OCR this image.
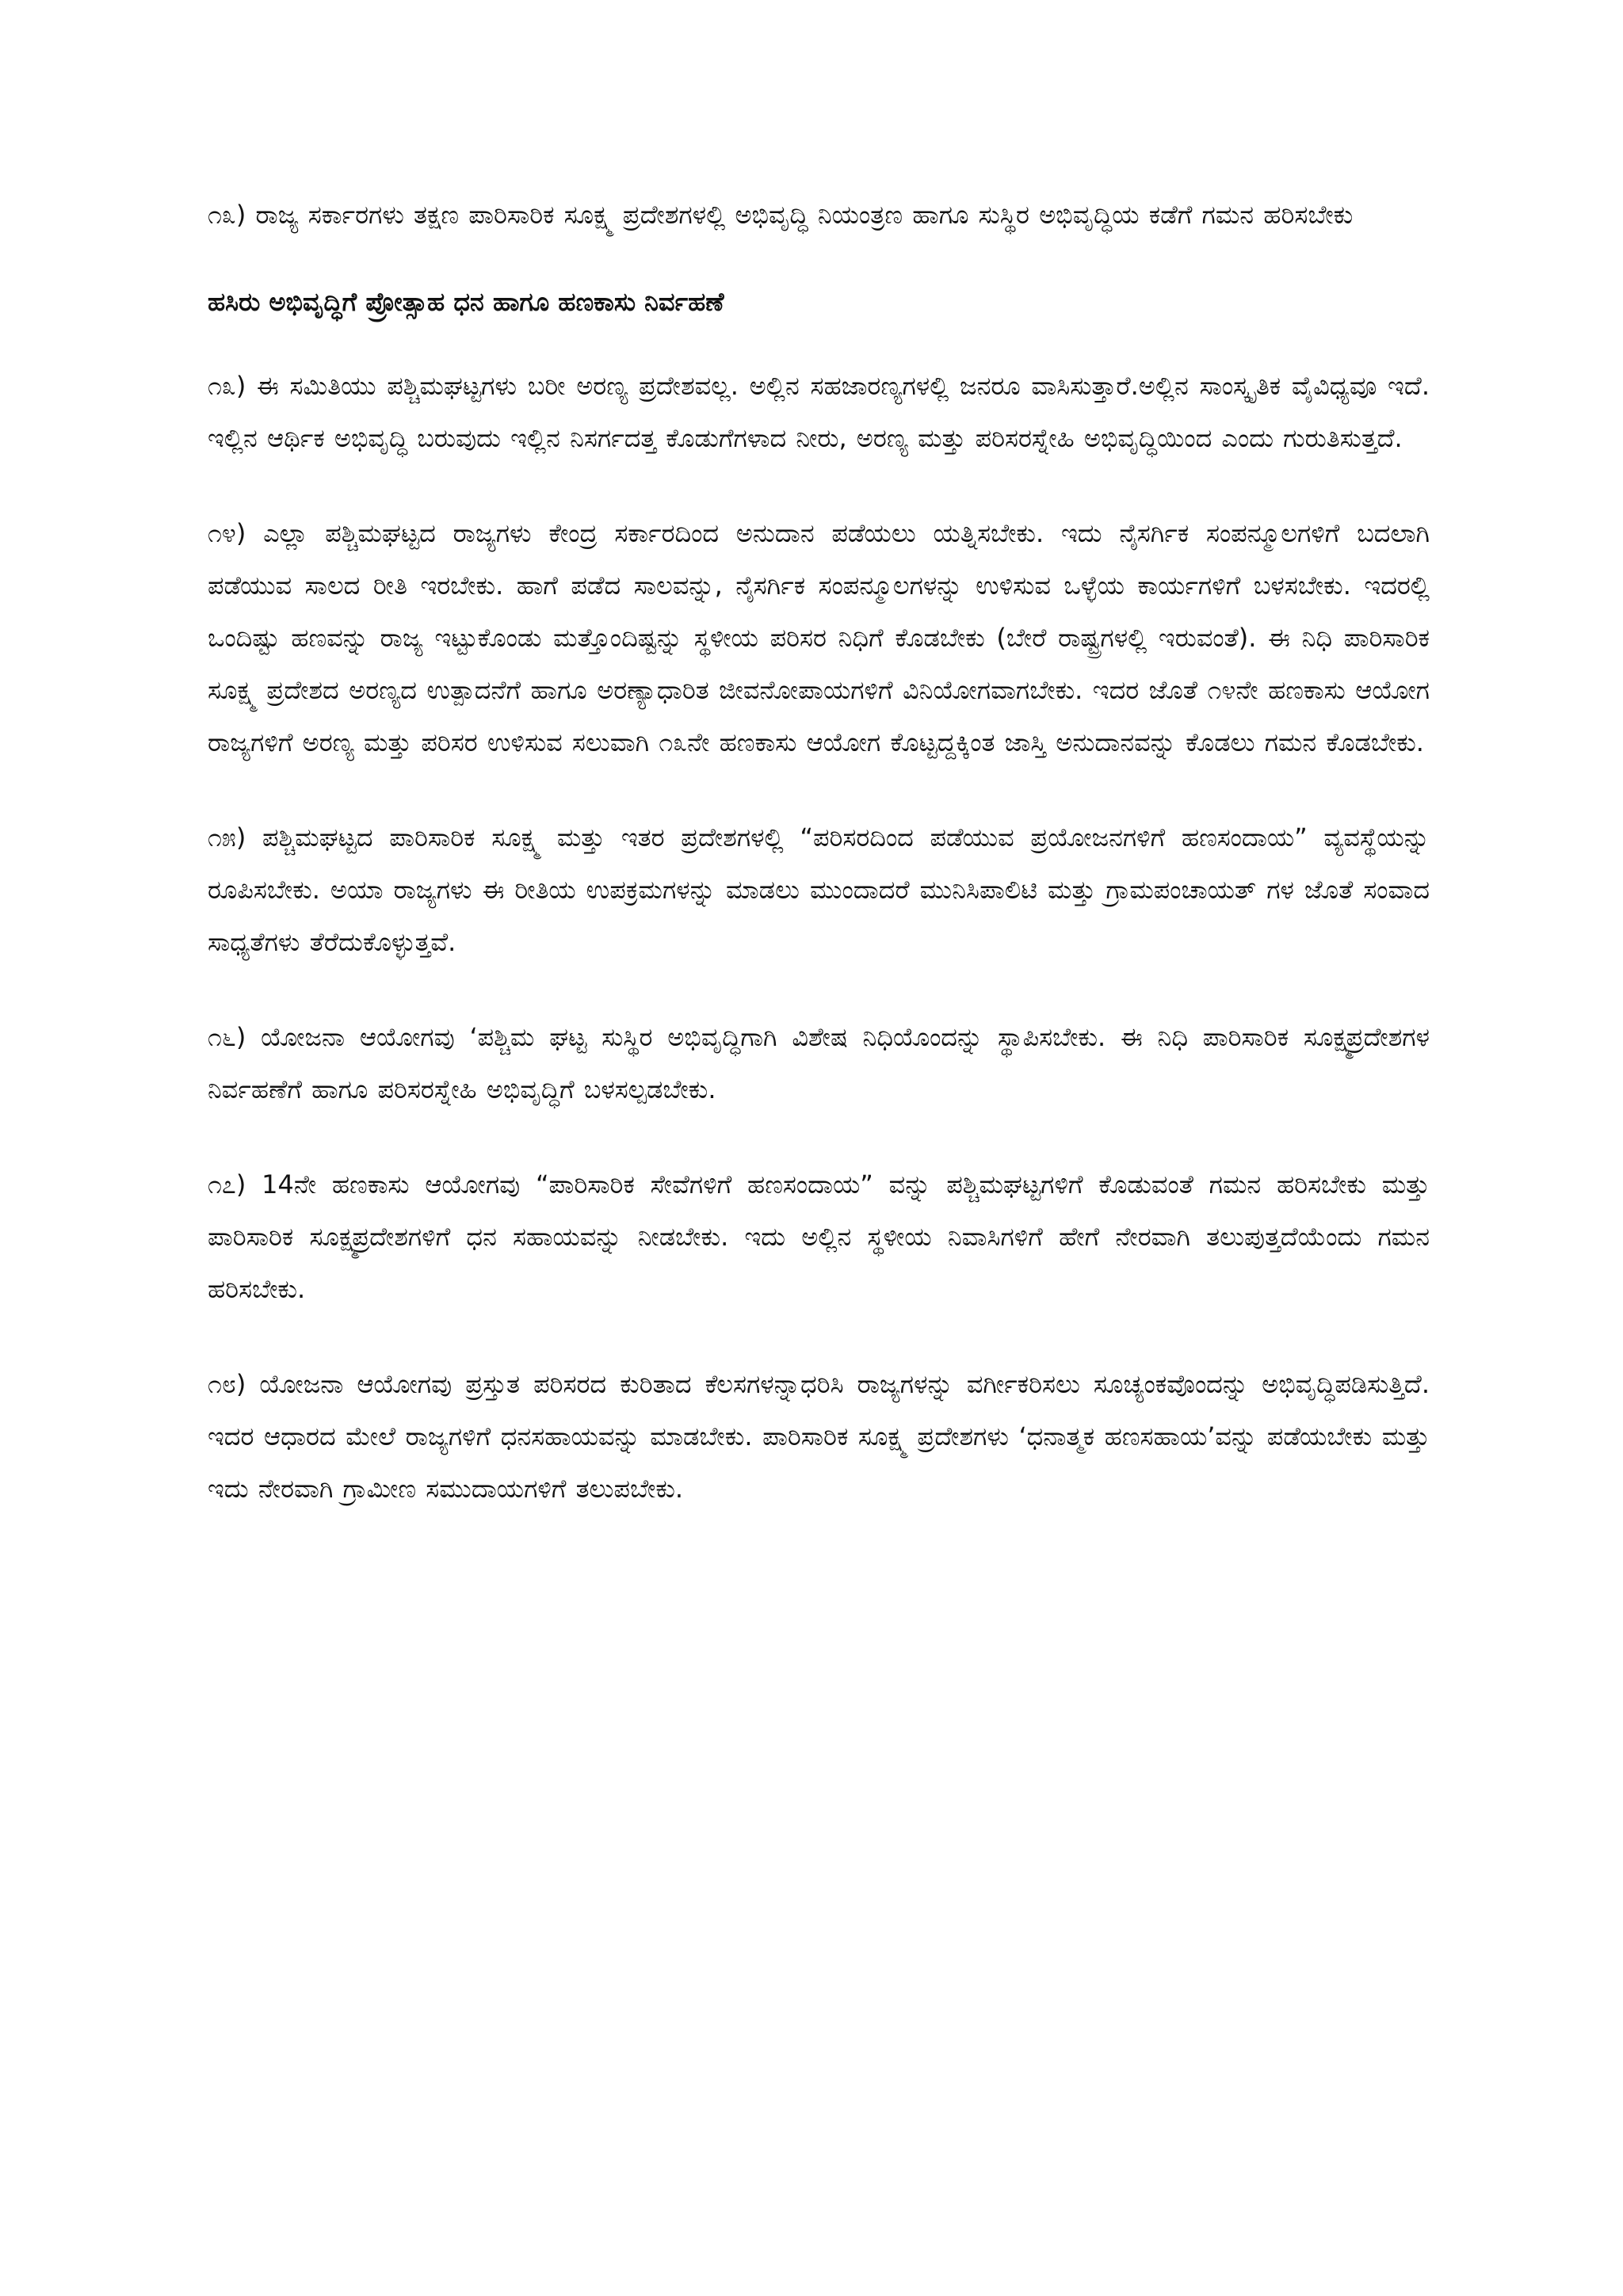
೧೩) ರಾಜ್ಯ ಸರ್ಕಾರಗಳು ತಕ್ಷಣ ಪಾರಿಸಾರಿಕ ಸೂಕ್ಷ್ಮ ಪ್ರದೇಶಗಳಲ್ಲಿ ಅಭಿವೃದ್ಧಿ ನಿಯಂತ್ರಣ ಹಾಗೂ ಸುಸ್ಥಿರ ಅಭಿವೃದ್ಧಿಯ ಕಡೆಗೆ ಗಮನ ಹರಿಸಬೇಕು

ಹಸಿರು ಅಭಿವೃದ್ಧಿಗೆ ಪ್ರೋತ್ಸಾಹ ಧನ ಹಾಗೂ ಹಣಕಾಸು ನಿರ್ವಹಣೆ

೧೩) ಈ ಸಮಿತಿಯು ಪಶ್ಚಿಮಘಟ್ಟಗಳು ಬರೀ ಅರಣ್ಯ ಪ್ರದೇಶವಲ್ಲ. ಅಲ್ಲಿನ ಸಹಜಾರಣ್ಯಗಳಲ್ಲಿ ಜನರೂ ವಾಸಿಸುತ್ತಾರೆ.ಅಲ್ಲಿನ ಸಾಂಸ್ಕೃತಿಕ ವೈವಿಧ್ಯವೂ ಇದೆ. ಇಲ್ಲಿನ ಆರ್ಥಿಕ ಅಭಿವೃದ್ಧಿ ಬರುವುದು ಇಲ್ಲಿನ ನಿಸರ್ಗದತ್ತ ಕೊಡುಗೆಗಳಾದ ನೀರು, ಅರಣ್ಯ ಮತ್ತು ಪರಿಸರಸ್ನೇಹಿ ಅಭಿವೃದ್ಧಿಯಿಂದ ಎಂದು ಗುರುತಿಸುತ್ತದೆ.

೧೪) ಎಲ್ಲಾ ಪಶ್ಚಿಮಘಟ್ಟದ ರಾಜ್ಯಗಳು ಕೇಂದ್ರ ಸರ್ಕಾರದಿಂದ ಅನುದಾನ ಪಡೆಯಲು ಯತ್ನಿಸಬೇಕು. ಇದು ನೈಸರ್ಗಿಕ ಸಂಪನ್ಮೂಲಗಳಿಗೆ ಬದಲಾಗಿ ಪಡೆಯುವ ಸಾಲದ ರೀತಿ ಇರಬೇಕು. ಹಾಗೆ ಪಡೆದ ಸಾಲವನ್ನು, ನೈಸರ್ಗಿಕ ಸಂಪನ್ಮೂಲಗಳನ್ನು ಉಳಿಸುವ ಒಳ್ಳೆಯ ಕಾರ್ಯಗಳಿಗೆ ಬಳಸಬೇಕು. ಇದರಲ್ಲಿ ಒಂದಿಷ್ಟು ಹಣವನ್ನು ರಾಜ್ಯ ಇಟ್ಟುಕೊಂಡು ಮತ್ತೊಂದಿಷ್ಟನ್ನು ಸ್ಥಳೀಯ ಪರಿಸರ ನಿಧಿಗೆ ಕೊಡಬೇಕು (ಬೇರೆ ರಾಷ್ಟ್ರಗಳಲ್ಲಿ ಇರುವಂತೆ). ಈ ನಿಧಿ ಪಾರಿಸಾರಿಕ ಸೂಕ್ಷ್ಮ ಪ್ರದೇಶದ ಅರಣ್ಯದ ಉತ್ಪಾದನೆಗೆ ಹಾಗೂ ಅರಣ್ಯಾಧಾರಿತ ಜೀವನೋಪಾಯಗಳಿಗೆ ವಿನಿಯೋಗವಾಗಬೇಕು. ಇದರ ಜೊತೆ ೧೪ನೇ ಹಣಕಾಸು ಆಯೋಗ ರಾಜ್ಯಗಳಿಗೆ ಅರಣ್ಯ ಮತ್ತು ಪರಿಸರ ಉಳಿಸುವ ಸಲುವಾಗಿ ೧೩ನೇ ಹಣಕಾಸು ಆಯೋಗ ಕೊಟ್ಟದ್ದಕ್ಕಿಂತ ಜಾಸ್ತಿ ಅನುದಾನವನ್ನು ಕೊಡಲು ಗಮನ ಕೊಡಬೇಕು.

೧೫) ಪಶ್ಚಿಮಘಟ್ಟದ ಪಾರಿಸಾರಿಕ ಸೂಕ್ಷ್ಮ ಮತ್ತು ಇತರ ಪ್ರದೇಶಗಳಲ್ಲಿ “ಪರಿಸರದಿಂದ ಪಡೆಯುವ ಪ್ರಯೋಜನಗಳಿಗೆ ಹಣಸಂದಾಯ” ವ್ಯವಸ್ಥೆಯನ್ನು ರೂಪಿಸಬೇಕು. ಅಯಾ ರಾಜ್ಯಗಳು ಈ ರೀತಿಯ ಉಪಕ್ರಮಗಳನ್ನು ಮಾಡಲು ಮುಂದಾದರೆ ಮುನಿಸಿಪಾಲಿಟಿ ಮತ್ತು ಗ್ರಾಮಪಂಚಾಯತ್ ಗಳ ಜೊತೆ ಸಂವಾದ ಸಾಧ್ಯತೆಗಳು ತೆರೆದುಕೊಳ್ಳುತ್ತವೆ.

೧೬) ಯೋಜನಾ ಆಯೋಗವು ‘ಪಶ್ಚಿಮ ಘಟ್ಟ ಸುಸ್ಥಿರ ಅಭಿವೃದ್ಧಿಗಾಗಿ ವಿಶೇಷ ನಿಧಿಯೊಂದನ್ನು ಸ್ಥಾಪಿಸಬೇಕು. ಈ ನಿಧಿ ಪಾರಿಸಾರಿಕ ಸೂಕ್ಷ್ಮಪ್ರದೇಶಗಳ ನಿರ್ವಹಣೆಗೆ ಹಾಗೂ ಪರಿಸರಸ್ನೇಹಿ ಅಭಿವೃದ್ಧಿಗೆ ಬಳಸಲ್ಪಡಬೇಕು.

೧೭) 14ನೇ ಹಣಕಾಸು ಆಯೋಗವು “ಪಾರಿಸಾರಿಕ ಸೇವೆಗಳಿಗೆ ಹಣಸಂದಾಯ” ವನ್ನು ಪಶ್ಚಿಮಘಟ್ಟಗಳಿಗೆ ಕೊಡುವಂತೆ ಗಮನ ಹರಿಸಬೇಕು ಮತ್ತು ಪಾರಿಸಾರಿಕ ಸೂಕ್ಷ್ಮಪ್ರದೇಶಗಳಿಗೆ ಧನ ಸಹಾಯವನ್ನು ನೀಡಬೇಕು. ಇದು ಅಲ್ಲಿನ ಸ್ಥಳೀಯ ನಿವಾಸಿಗಳಿಗೆ ಹೇಗೆ ನೇರವಾಗಿ ತಲುಪುತ್ತದೆಯೆಂದು ಗಮನ ಹರಿಸಬೇಕು.

೧೮) ಯೋಜನಾ ಆಯೋಗವು ಪ್ರಸ್ತುತ ಪರಿಸರದ ಕುರಿತಾದ ಕೆಲಸಗಳನ್ನಾಧರಿಸಿ ರಾಜ್ಯಗಳನ್ನು ವರ್ಗೀಕರಿಸಲು ಸೂಚ್ಯಂಕವೊಂದನ್ನು ಅಭಿವೃದ್ಧಿಪಡಿಸುತ್ತಿದೆ. ಇದರ ಆಧಾರದ ಮೇಲೆ ರಾಜ್ಯಗಳಿಗೆ ಧನಸಹಾಯವನ್ನು ಮಾಡಬೇಕು. ಪಾರಿಸಾರಿಕ ಸೂಕ್ಷ್ಮ ಪ್ರದೇಶಗಳು ‘ಧನಾತ್ಮಕ ಹಣಸಹಾಯ’ವನ್ನು ಪಡೆಯಬೇಕು ಮತ್ತು ಇದು ನೇರವಾಗಿ ಗ್ರಾಮೀಣ ಸಮುದಾಯಗಳಿಗೆ ತಲುಪಬೇಕು.
